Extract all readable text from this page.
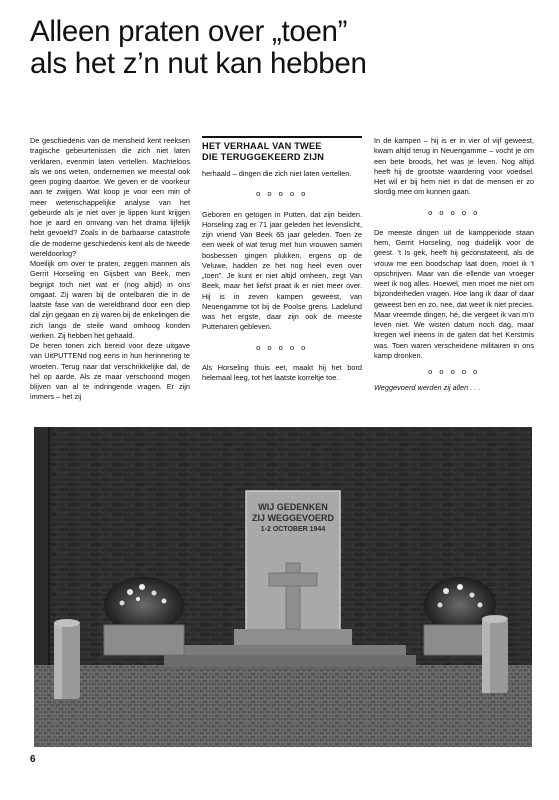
Alleen praten over „toen”
als het z’n nut kan hebben

De geschiedenis van de mensheid kent reeksen tragische gebeurtenissen die zich niet laten verklaren, evenmin laten vertellen. Machteloos als we ons weten, ondernemen we meestal ook geen poging daartoe. We geven er de voorkeur aan te zwijgen. Wat koop je voor een min of meer wetenschappelijke analyse van het gebeurde als je niet over je lippen kunt krijgen hoe je aard en omvang van het drama lijfelijk hebt gevoeld? Zoals in de barbaarse catastrofe die de moderne geschiedenis kent als de tweede wereldoorlog?

Moeilijk om over te praten, zeggen mannen als Gerrit Horseling en Gijsbert van Beek, men begrijpt toch niet wat er (nog altijd) in ons omgaat. Zij waren bij de ontelbaren die in de laatste fase van de wereldbrand door een diep dal zijn gegaan en zij waren bij de enkelingen die zich langs de steile wand omhoog konden werken. Zij hebben het gehaald.

De heren tonen zich bereid voor deze uitgave van UitPUTTENd nog eens in hun herinnering te wroeten. Terug naar dat verschrikkelijke dal, de hel op aarde. Als ze maar verschoond mogen blijven van al te indringende vragen. Er zijn immers – het zij

HET VERHAAL VAN TWEE
DIE TERUGGEKEERD ZIJN

herhaald – dingen die zich niet laten vertellen.

o o o o o

Geboren en getogen in Putten, dat zijn beiden. Horseling zag er 71 jaar geleden het levenslicht, zijn vriend Van Beek 65 jaar geleden. Toen ze een week of wat terug met hun vrouwen samen bosbessen gingen plukken, ergens op de Veluwe, hadden ze het nog heel even over „toen”. Je kunt er niet altijd omheen, zegt Van Beek, maar het liefst praat ik er niet meer over. Hij is in zeven kampen geweest, van Neuengamme tot bij de Poolse grens. Ladelund was het ergste, daar zijn ook de meeste Puttenaren gebleven.

o o o o o

Als Horseling thuis eet, maakt hij het bord helemaal leeg, tot het laatste korreltje toe.

In de kampen – hij is er in vier of vijf geweest, kwam altijd terug in Neuengamme – vocht je om een bete broods, het was je leven. Nog altijd heeft hij de grootste waardering voor voedsel. Het wil er bij hem niet in dat de mensen er zo slordig mee om kunnen gaan.

o o o o o

De meeste dingen uit de kampperiode staan hem, Gerrit Horseling, nog duidelijk voor de geest. ’t Is gek, heeft hij geconstateerd, als de vrouw me een boodschap laat doen, moet ik ’t opschrijven. Maar van die ellende van vroeger weet ik nog alles. Hoewel, men moet me niet om bijzonderheden vragen. Hoe lang ik daar of daar geweest ben en zo, nee, dat weet ik niet precies. Maar vreemde dingen, hé, die vergeet ik van m’n leven niet. We wisten datum noch dag, maar kregen wel ineens in de gaten dat het Kerstmis was. Toen waren verscheidene militairen in ons kamp dronken.

o o o o o

Weggevoerd werden zij allen . . .

WIJ GEDENKEN
ZIJ WEGGEVOERD
1-2 OCTOBER 1944
6
